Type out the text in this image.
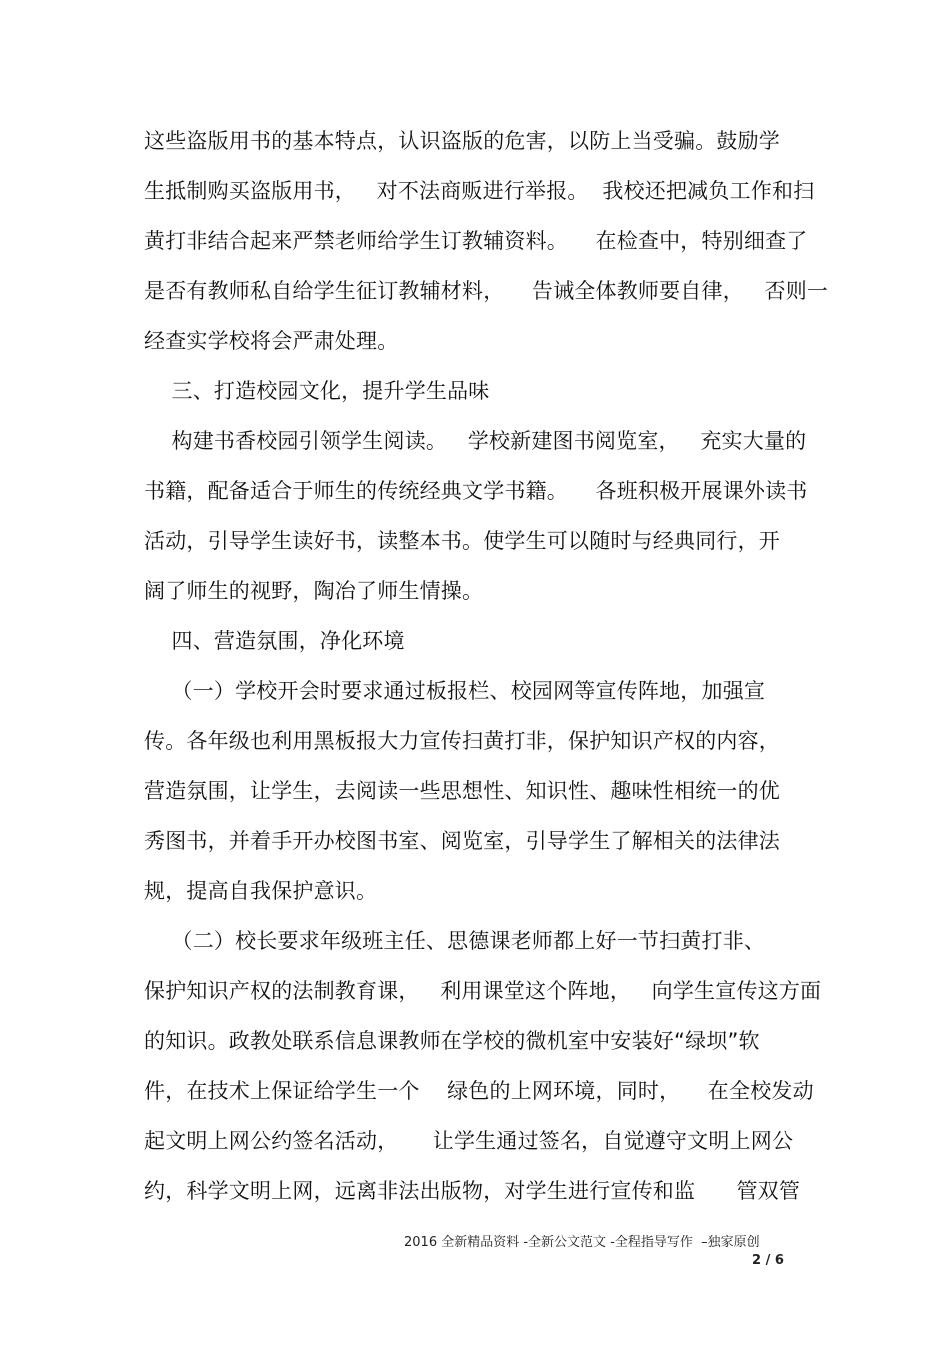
这些盗版用书的基本特点，认识盗版的危害，以防上当受骗。鼓励学
生抵制购买盗版用书，   对不法商贩进行举报。  我校还把减负工作和扫
黄打非结合起来严禁老师给学生订教辅资料。    在检查中，特别细查了
是否有教师私自给学生征订教辅材料，    告诫全体教师要自律，   否则一
经查实学校将会严肃处理。
三、打造校园文化，提升学生品味
构建书香校园引领学生阅读。   学校新建图书阅览室，   充实大量的
书籍，配备适合于师生的传统经典文学书籍。    各班积极开展课外读书
活动，引导学生读好书，读整本书。使学生可以随时与经典同行，开
阔了师生的视野，陶冶了师生情操。
四、营造氛围，净化环境
（一）学校开会时要求通过板报栏、校园网等宣传阵地，加强宣
传。各年级也利用黑板报大力宣传扫黄打非，保护知识产权的内容，
营造氛围，让学生，去阅读一些思想性、知识性、趣味性相统一的优
秀图书，并着手开办校图书室、阅览室，引导学生了解相关的法律法
规，提高自我保护意识。
（二）校长要求年级班主任、思德课老师都上好一节扫黄打非、
保护知识产权的法制教育课，   利用课堂这个阵地，   向学生宣传这方面
的知识。政教处联系信息课教师在学校的微机室中安装好“绿坝”软
件，在技术上保证给学生一个    绿色的上网环境，同时，    在全校发动
起文明上网公约签名活动，     让学生通过签名，自觉遵守文明上网公
约，科学文明上网，远离非法出版物，对学生进行宣传和监      管双管
2016 全新精品资料 -全新公文范文 -全程指导写作  –独家原创
2 / 6
